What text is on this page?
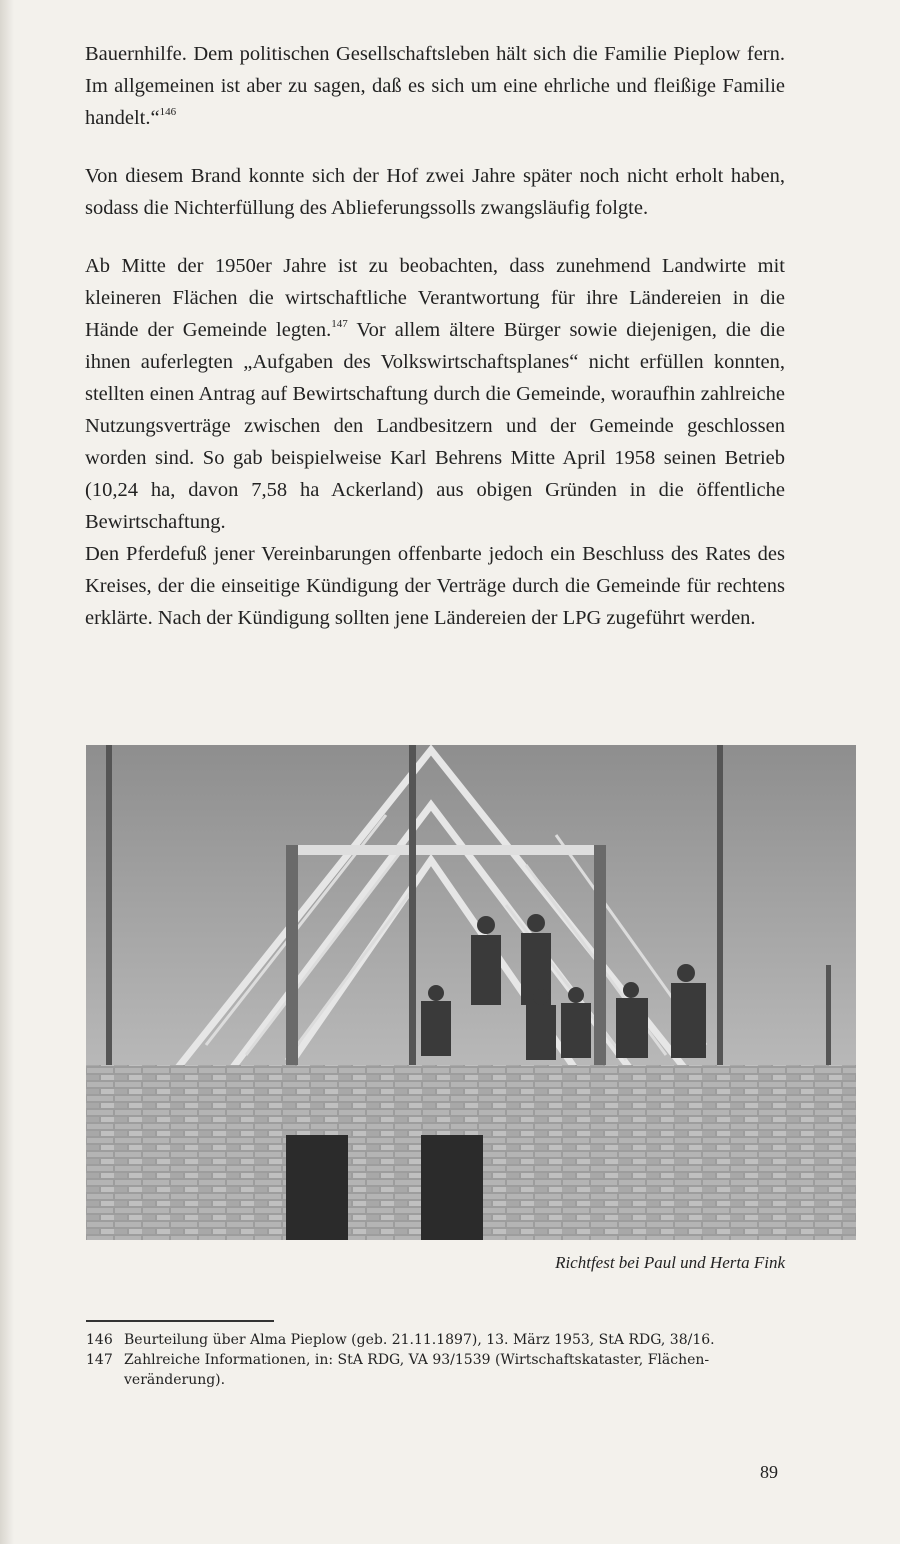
Bauernhilfe. Dem politischen Gesellschaftsleben hält sich die Familie Pieplow fern. Im allgemeinen ist aber zu sagen, daß es sich um eine ehrliche und fleißige Familie handelt.“$^{146}$

Von diesem Brand konnte sich der Hof zwei Jahre später noch nicht erholt haben, sodass die Nichterfüllung des Ablieferungssolls zwangsläufig folgte.

Ab Mitte der 1950er Jahre ist zu beobachten, dass zunehmend Landwirte mit kleineren Flächen die wirtschaftliche Verantwortung für ihre Ländereien in die Hände der Gemeinde legten.$^{147}$ Vor allem ältere Bürger sowie diejenigen, die die ihnen auferlegten „Aufgaben des Volkswirtschaftsplanes“ nicht erfüllen konnten, stellten einen Antrag auf Bewirtschaftung durch die Gemeinde, woraufhin zahlreiche Nutzungsverträge zwischen den Landbesitzern und der Gemeinde geschlossen worden sind. So gab beispielweise Karl Behrens Mitte April 1958 seinen Betrieb (10,24 ha, davon 7,58 ha Ackerland) aus obigen Gründen in die öffentliche Bewirtschaftung.

Den Pferdefuß jener Vereinbarungen offenbarte jedoch ein Beschluss des Rates des Kreises, der die einseitige Kündigung der Verträge durch die Gemeinde für rechtens erklärte. Nach der Kündigung sollten jene Ländereien der LPG zugeführt werden.

Richtfest bei Paul und Herta Fink
146 Beurteilung über Alma Pieplow (geb. 21.11.1897), 13. März 1953, StA RDG, 38/16.
147 Zahlreiche Informationen, in: StA RDG, VA 93/1539 (Wirtschaftskataster, Flächenveränderung).
89
